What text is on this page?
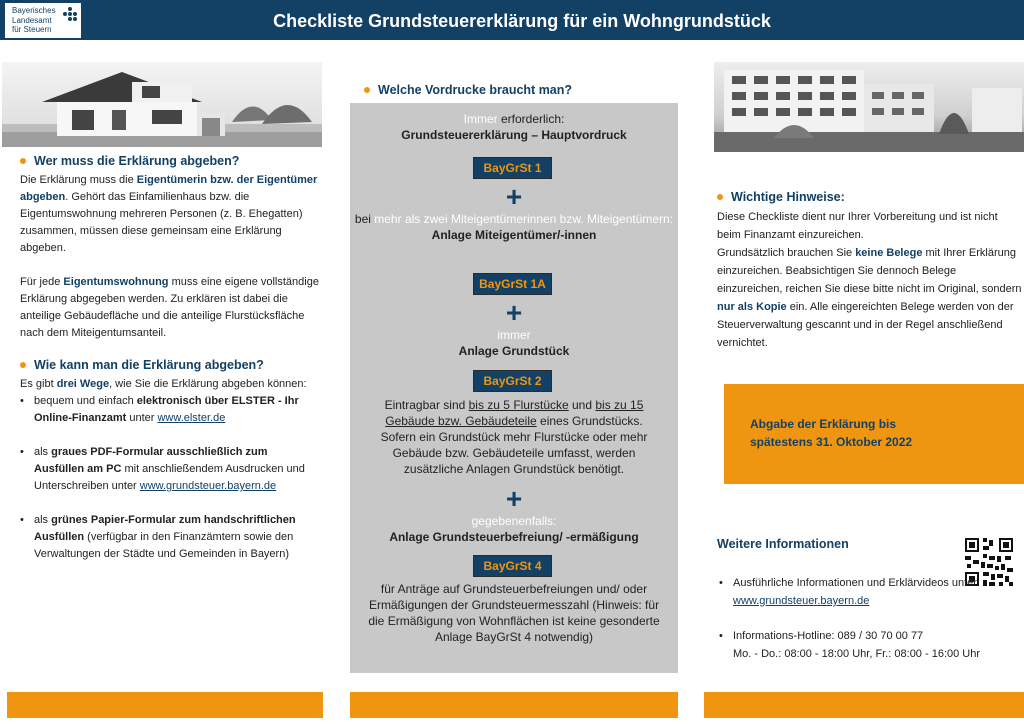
Bayerisches
Landesamt
für Steuern	Checkliste Grundsteuererklärung für ein Wohngrundstück
Wer muss die Erklärung abgeben?
Die Erklärung muss die Eigentümerin bzw. der Eigentümer abgeben. Gehört das Einfamilienhaus bzw. die Eigentumswohnung mehreren Personen (z. B. Ehegatten) zusammen, müssen diese gemeinsam eine Erklärung abgeben.
Für jede Eigentumswohnung muss eine eigene vollständige Erklärung abgegeben werden. Zu erklären ist dabei die anteilige Gebäudefläche und die anteilige Flurstücksfläche nach dem Miteigentumsanteil.
Wie kann man die Erklärung abgeben?
Es gibt drei Wege, wie Sie die Erklärung abgeben können:
• bequem und einfach elektronisch über ELSTER - Ihr Online-Finanzamt unter www.elster.de
• als graues PDF-Formular ausschließlich zum Ausfüllen am PC mit anschließendem Ausdrucken und Unterschreiben unter www.grundsteuer.bayern.de
• als grünes Papier-Formular zum handschriftlichen Ausfüllen (verfügbar in den Finanzämtern sowie den Verwaltungen der Städte und Gemeinden in Bayern)
Welche Vordrucke braucht man?
Immer erforderlich:
Grundsteuererklärung – Hauptvordruck
BayGrSt 1
+
bei mehr als zwei Miteigentümerinnen bzw. Miteigentümern:
Anlage Miteigentümer/-innen
BayGrSt 1A
+
immer
Anlage Grundstück
BayGrSt 2
Eintragbar sind bis zu 5 Flurstücke und bis zu 15 Gebäude bzw. Gebäudeteile eines Grundstücks. Sofern ein Grundstück mehr Flurstücke oder mehr Gebäude bzw. Gebäudeteile umfasst, werden zusätzliche Anlagen Grundstück benötigt.
+
gegebenenfalls:
Anlage Grundsteuerbefreiung/ -ermäßigung
BayGrSt 4
für Anträge auf Grundsteuerbefreiungen und/ oder Ermäßigungen der Grundsteuermesszahl (Hinweis: für die Ermäßigung von Wohnflächen ist keine gesonderte Anlage BayGrSt 4 notwendig)
Wichtige Hinweise:
Diese Checkliste dient nur Ihrer Vorbereitung und ist nicht beim Finanzamt einzureichen.
Grundsätzlich brauchen Sie keine Belege mit Ihrer Erklärung einzureichen. Beabsichtigen Sie dennoch Belege einzureichen, reichen Sie diese bitte nicht im Original, sondern nur als Kopie ein. Alle eingereichten Belege werden von der Steuerverwaltung gescannt und in der Regel anschließend vernichtet.
Abgabe der Erklärung bis
spätestens 31. Oktober 2022
Weitere Informationen
• Ausführliche Informationen und Erklärvideos unter www.grundsteuer.bayern.de
• Informations-Hotline: 089 / 30 70 00 77
Mo. - Do.: 08:00 - 18:00 Uhr, Fr.: 08:00 - 16:00 Uhr
